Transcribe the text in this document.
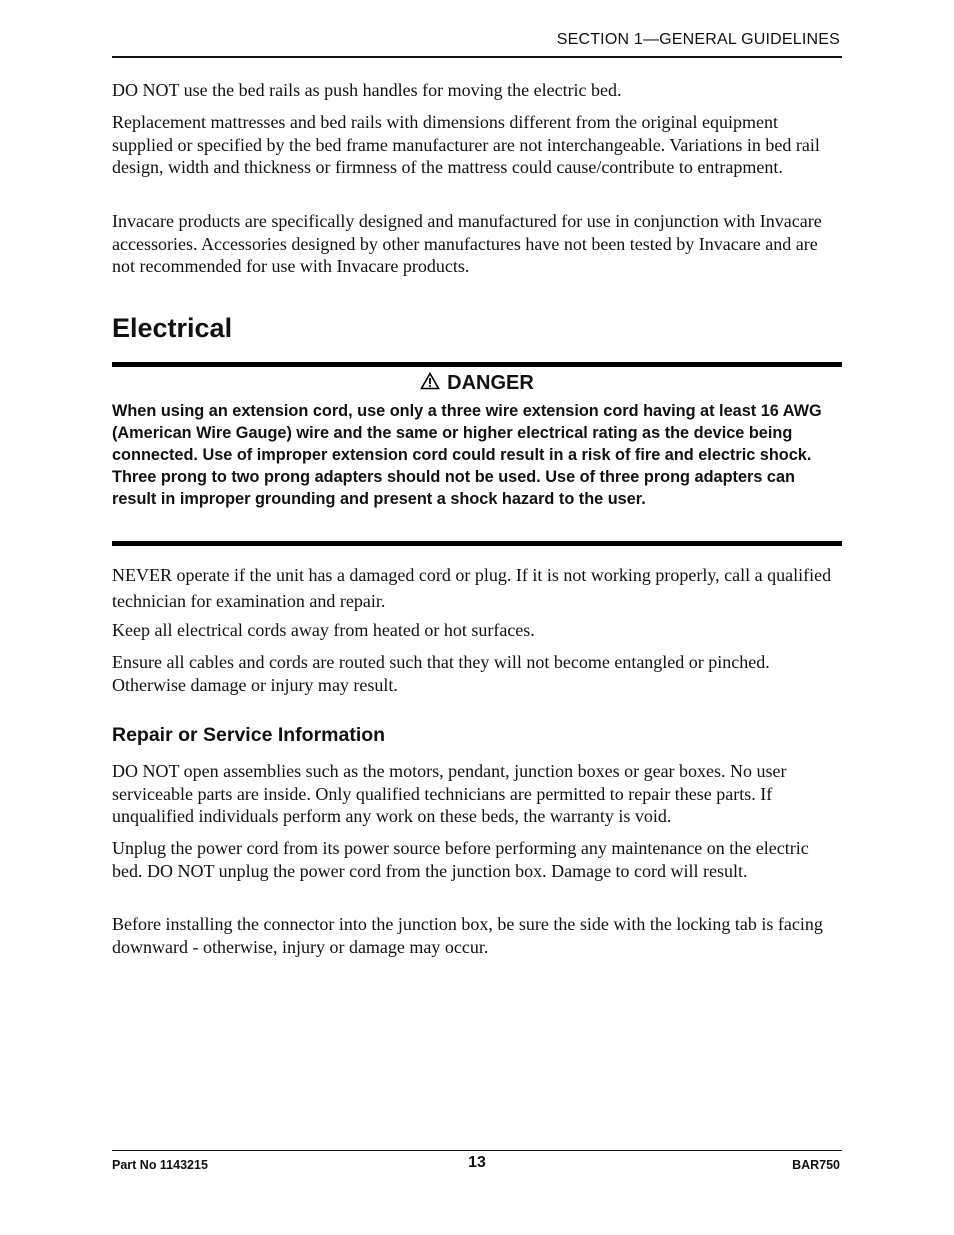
SECTION 1—GENERAL GUIDELINES

DO NOT use the bed rails as push handles for moving the electric bed.

Replacement mattresses and bed rails with dimensions different from the original equipment supplied or specified by the bed frame manufacturer are not interchangeable. Variations in bed rail design, width and thickness or firmness of the mattress could cause/contribute to entrapment.

Invacare products are specifically designed and manufactured for use in conjunction with Invacare accessories. Accessories designed by other manufactures have not been tested by Invacare and are not recommended for use with Invacare products.

Electrical
DANGER

When using an extension cord, use only a three wire extension cord having at least 16 AWG (American Wire Gauge) wire and the same or higher electrical rating as the device being connected. Use of improper extension cord could result in a risk of fire and electric shock. Three prong to two prong adapters should not be used. Use of three prong adapters can result in improper grounding and present a shock hazard to the user.

NEVER operate if the unit has a damaged cord or plug. If it is not working properly, call a qualified technician for examination and repair.

Keep all electrical cords away from heated or hot surfaces.

Ensure all cables and cords are routed such that they will not become entangled or pinched. Otherwise damage or injury may result.

Repair or Service Information

DO NOT open assemblies such as the motors, pendant, junction boxes or gear boxes. No user serviceable parts are inside. Only qualified technicians are permitted to repair these parts. If unqualified individuals perform any work on these beds, the warranty is void.

Unplug the power cord from its power source before performing any maintenance on the electric bed. DO NOT unplug the power cord from the junction box. Damage to cord will result.

Before installing the connector into the junction box, be sure the side with the locking tab is facing downward - otherwise, injury or damage may occur.

Part No 1143215	13	BAR750
